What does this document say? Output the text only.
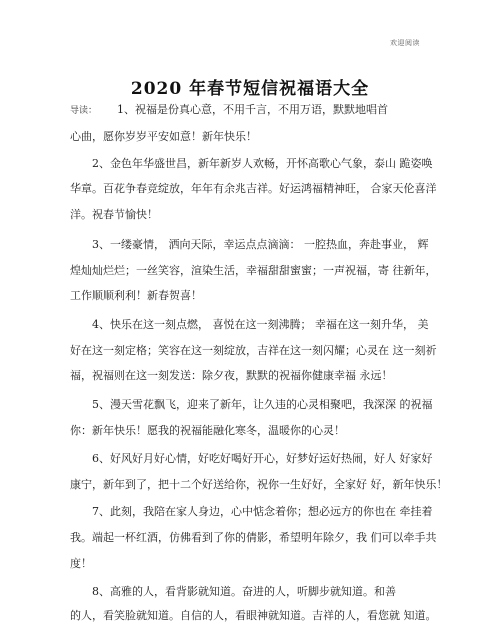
欢迎阅读
2020 年春节短信祝福语大全
导读： 1、祝福是份真心意，不用千言，不用万语，默默地唱首
心曲，愿你岁岁平安如意！新年快乐！
2、金色年华盛世昌，新年新岁人欢畅，开怀高歌心气象，泰山 跪姿唤
华章。百花争春竞绽放，年年有余兆吉祥。好运鸿福精神旺， 合家天伦喜洋
洋。祝春节愉快！
3、一缕豪情， 洒向天际，幸运点点滴滴： 一腔热血，奔赴事业， 辉
煌灿灿烂烂；一丝笑容，渲染生活，幸福甜甜蜜蜜；一声祝福，寄 往新年，
工作顺顺利利！新春贺喜！
4、快乐在这一刻点燃， 喜悦在这一刻沸腾； 幸福在这一刻升华， 美
好在这一刻定格；笑容在这一刻绽放，吉祥在这一刻闪耀；心灵在 这一刻祈
福，祝福则在这一刻发送：除夕夜，默默的祝福你健康幸福 永远！
5、漫天雪花飘飞，迎来了新年，让久违的心灵相聚吧，我深深 的祝福
你：新年快乐！愿我的祝福能融化寒冬，温暖你的心灵！
6、好风好月好心情，好吃好喝好开心，好梦好运好热闹，好人 好家好
康宁，新年到了，把十二个好送给你，祝你一生好好，全家好 好，新年快乐！
7、此刻，我陪在家人身边，心中惦念着你；想必远方的你也在 牵挂着
我。端起一杯红酒，仿佛看到了你的倩影，希望明年除夕，我 们可以牵手共
度！
8、高雅的人，看背影就知道。奋进的人，听脚步就知道。和善
的人，看笑脸就知道。自信的人，看眼神就知道。吉祥的人，看您就 知道。
